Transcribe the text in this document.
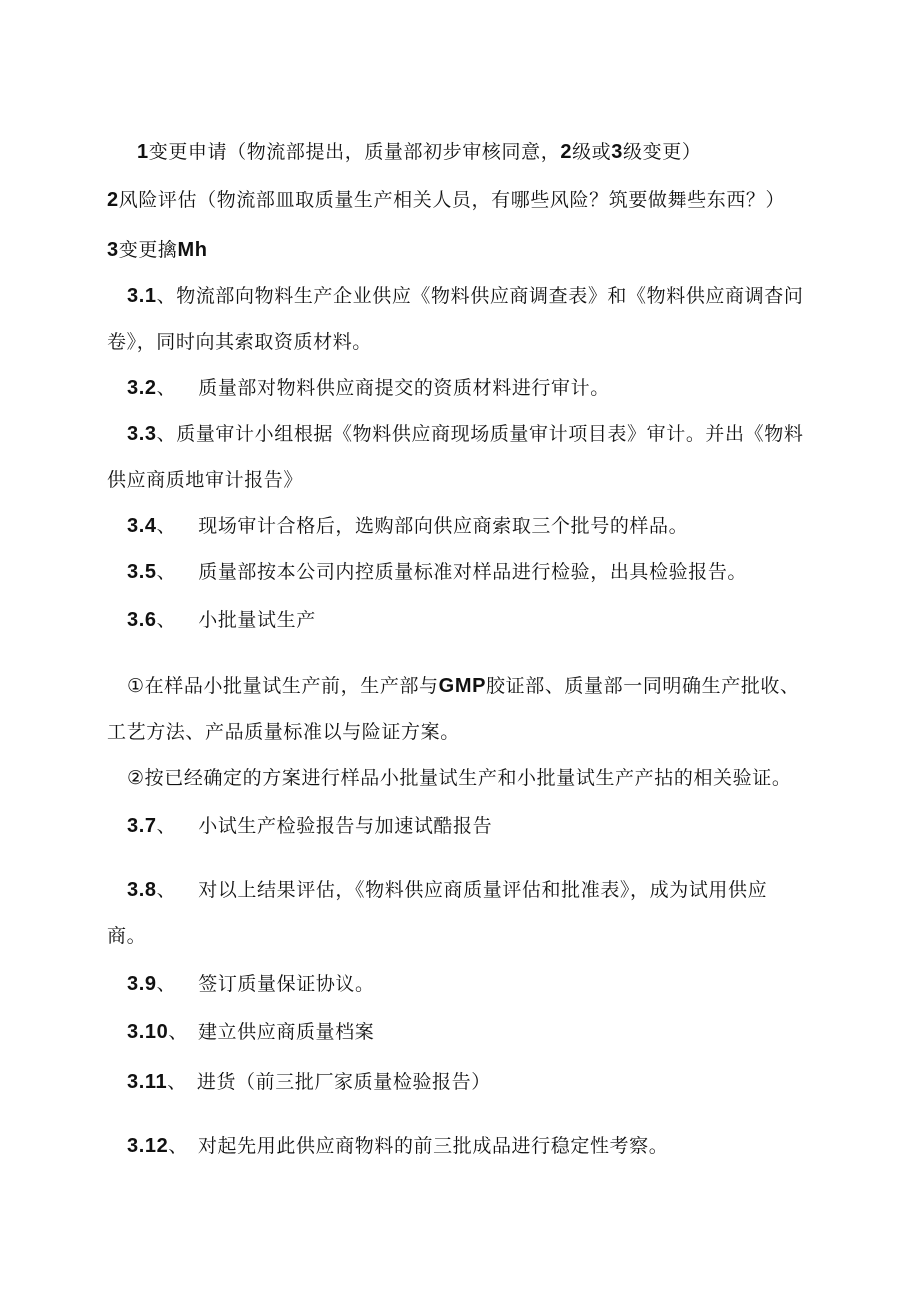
1变更申请（物流部提出，质量部初步审核同意，2级或3级变更）
2风险评估（物流部皿取质量生产相关人员，有哪些风险？筑要做舞些东西？）
3变更擒Mh
3.1、物流部向物料生产企业供应《物料供应商调查表》和《物料供应商调杳问
卷》，同时向其索取资质材料。
3.2、 质量部对物料供应商提交的资质材料进行审计。
3.3、质量审计小组根据《物料供应商现场质量审计项目表》审计。并出《物料
供应商质地审计报告》
3.4、 现场审计合格后，选购部向供应商索取三个批号的样品。
3.5、 质量部按本公司内控质量标准对样品进行检验，出具检验报告。
3.6、 小批量试生产
①在样品小批量试生产前，生产部与GMP胶证部、质量部一同明确生产批收、
工艺方法、产品质量标准以与险证方案。
②按已经确定的方案进行样品小批量试生产和小批量试生产产拈的相关验证。
3.7、 小试生产检验报告与加速试酷报告
3.8、 对以上结果评估，《物料供应商质量评估和批准表》，成为试用供应
商。
3.9、 签订质量保证协议。
3.10、 建立供应商质量档案
3.11、 进货（前三批厂家质量检验报告）
3.12、 对起先用此供应商物料的前三批成品进行稳定性考察。
